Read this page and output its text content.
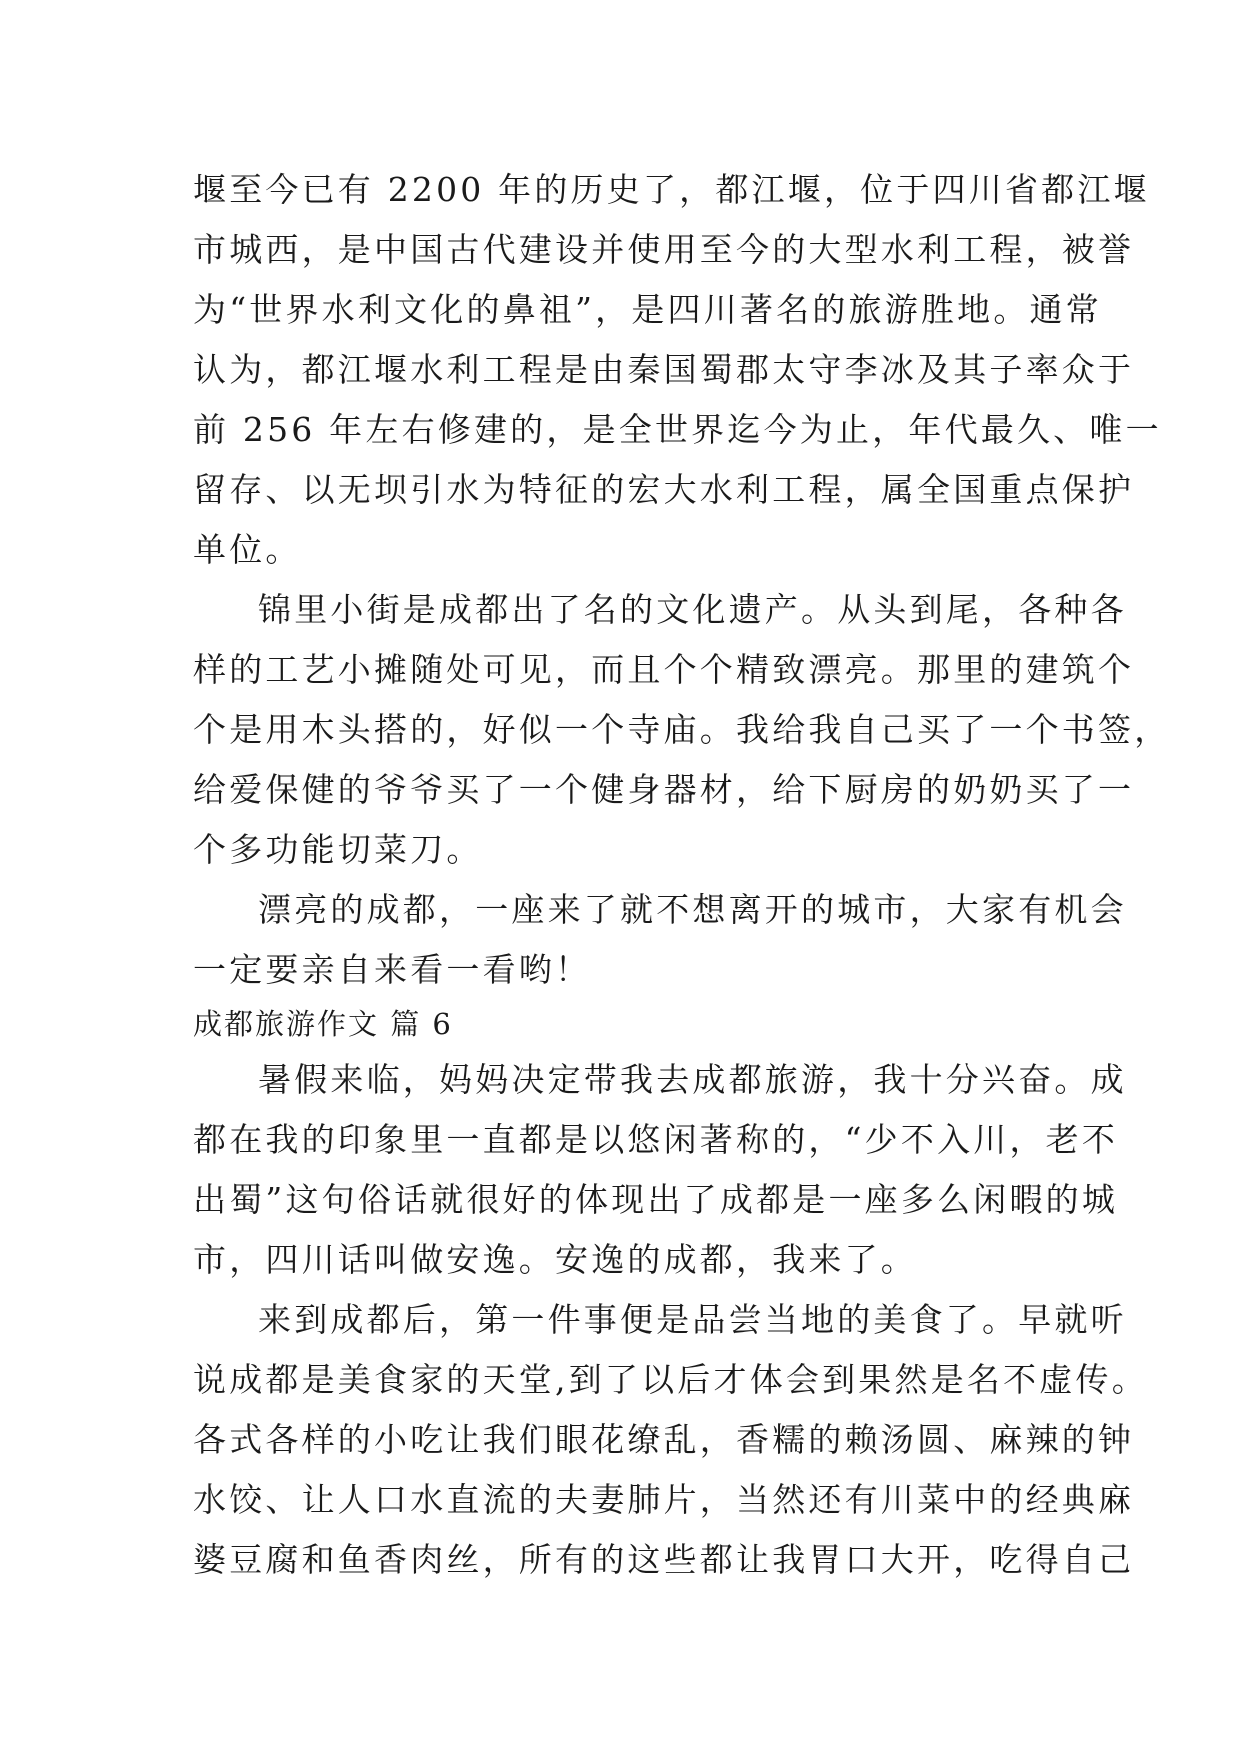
堰至今已有 2200 年的历史了，都江堰，位于四川省都江堰
市城西，是中国古代建设并使用至今的大型水利工程，被誉
为“世界水利文化的鼻祖”，是四川著名的旅游胜地。通常
认为，都江堰水利工程是由秦国蜀郡太守李冰及其子率众于
前 256 年左右修建的，是全世界迄今为止，年代最久、唯一
留存、以无坝引水为特征的宏大水利工程，属全国重点保护
单位。
锦里小街是成都出了名的文化遗产。从头到尾，各种各
样的工艺小摊随处可见，而且个个精致漂亮。那里的建筑个
个是用木头搭的，好似一个寺庙。我给我自己买了一个书签，
给爱保健的爷爷买了一个健身器材，给下厨房的奶奶买了一
个多功能切菜刀。
漂亮的成都，一座来了就不想离开的城市，大家有机会
一定要亲自来看一看哟！
成都旅游作文 篇 6
暑假来临，妈妈决定带我去成都旅游，我十分兴奋。成
都在我的印象里一直都是以悠闲著称的，“少不入川，老不
出蜀”这句俗话就很好的体现出了成都是一座多么闲暇的城
市，四川话叫做安逸。安逸的成都，我来了。
来到成都后，第一件事便是品尝当地的美食了。早就听
说成都是美食家的天堂,到了以后才体会到果然是名不虚传。
各式各样的小吃让我们眼花缭乱，香糯的赖汤圆、麻辣的钟
水饺、让人口水直流的夫妻肺片，当然还有川菜中的经典麻
婆豆腐和鱼香肉丝，所有的这些都让我胃口大开，吃得自己
